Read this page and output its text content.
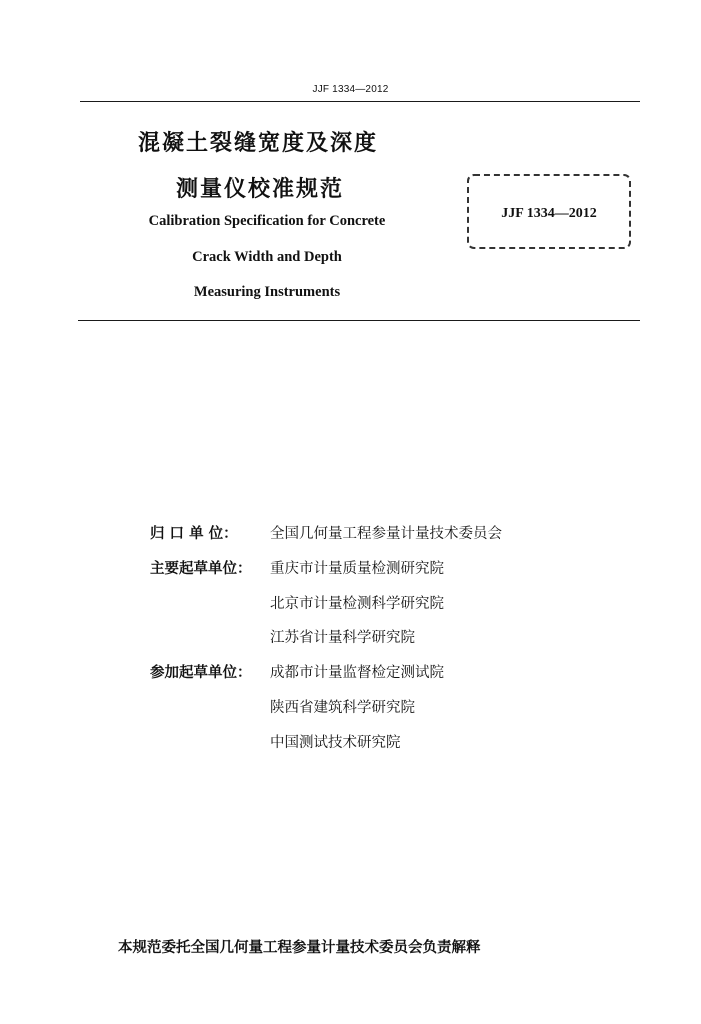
JJF 1334—2012
混凝土裂缝宽度及深度
测量仪校准规范
Calibration Specification for Concrete
Crack Width and Depth
Measuring Instruments
JJF 1334—2012
归 口 单 位：	全国几何量工程参量计量技术委员会
主要起草单位：	重庆市计量质量检测研究院
北京市计量检测科学研究院
江苏省计量科学研究院
参加起草单位：	成都市计量监督检定测试院
陕西省建筑科学研究院
中国测试技术研究院
本规范委托全国几何量工程参量计量技术委员会负责解释
